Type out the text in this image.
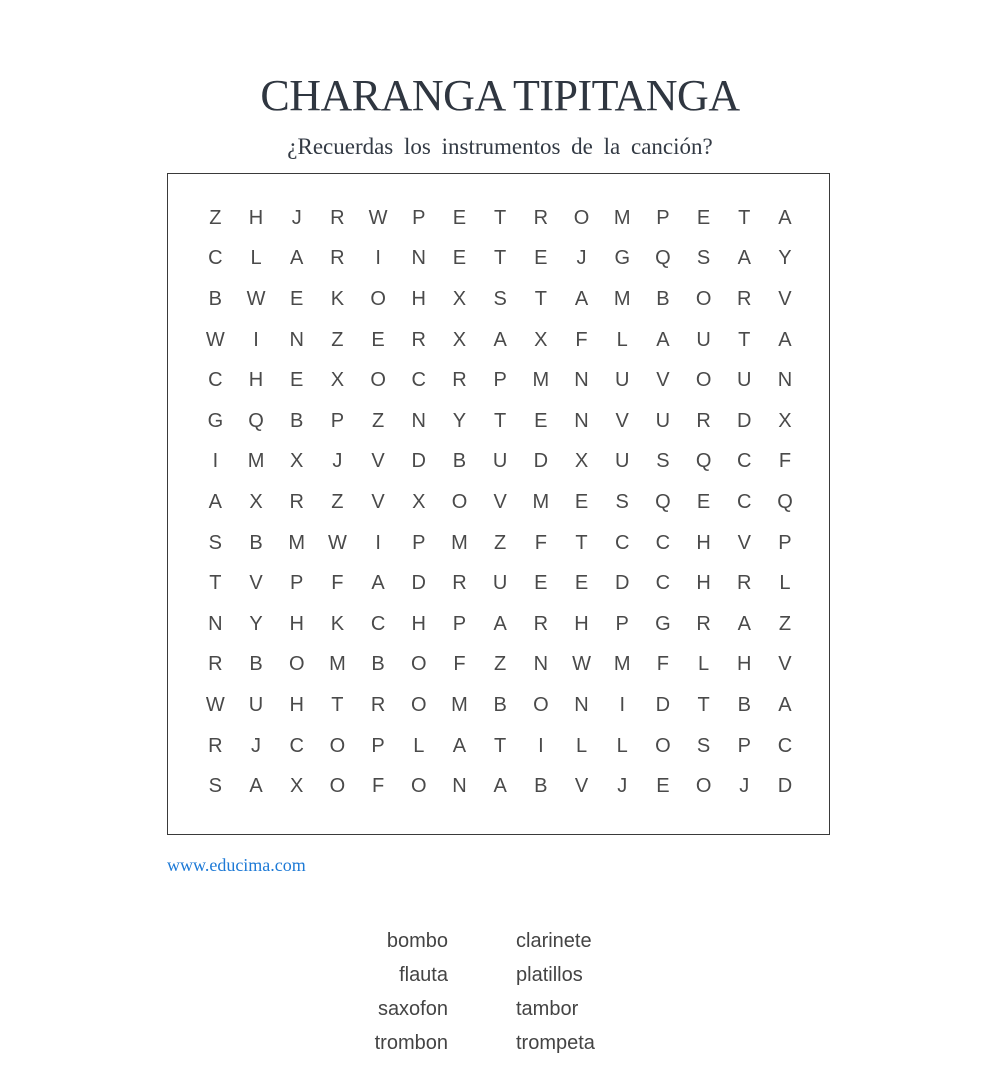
CHARANGA TIPITANGA

¿Recuerdas los instrumentos de la canción?

Z	H	J	R	W	P	E	T	R	O	M	P	E	T	A
C	L	A	R	I	N	E	T	E	J	G	Q	S	A	Y
B	W	E	K	O	H	X	S	T	A	M	B	O	R	V
W	I	N	Z	E	R	X	A	X	F	L	A	U	T	A
C	H	E	X	O	C	R	P	M	N	U	V	O	U	N
G	Q	B	P	Z	N	Y	T	E	N	V	U	R	D	X
I	M	X	J	V	D	B	U	D	X	U	S	Q	C	F
A	X	R	Z	V	X	O	V	M	E	S	Q	E	C	Q
S	B	M	W	I	P	M	Z	F	T	C	C	H	V	P
T	V	P	F	A	D	R	U	E	E	D	C	H	R	L
N	Y	H	K	C	H	P	A	R	H	P	G	R	A	Z
R	B	O	M	B	O	F	Z	N	W	M	F	L	H	V
W	U	H	T	R	O	M	B	O	N	I	D	T	B	A
R	J	C	O	P	L	A	T	I	L	L	O	S	P	C
S	A	X	O	F	O	N	A	B	V	J	E	O	J	D
www.educima.com
bombo
flauta
saxofon
trombon
clarinete
platillos
tambor
trompeta
